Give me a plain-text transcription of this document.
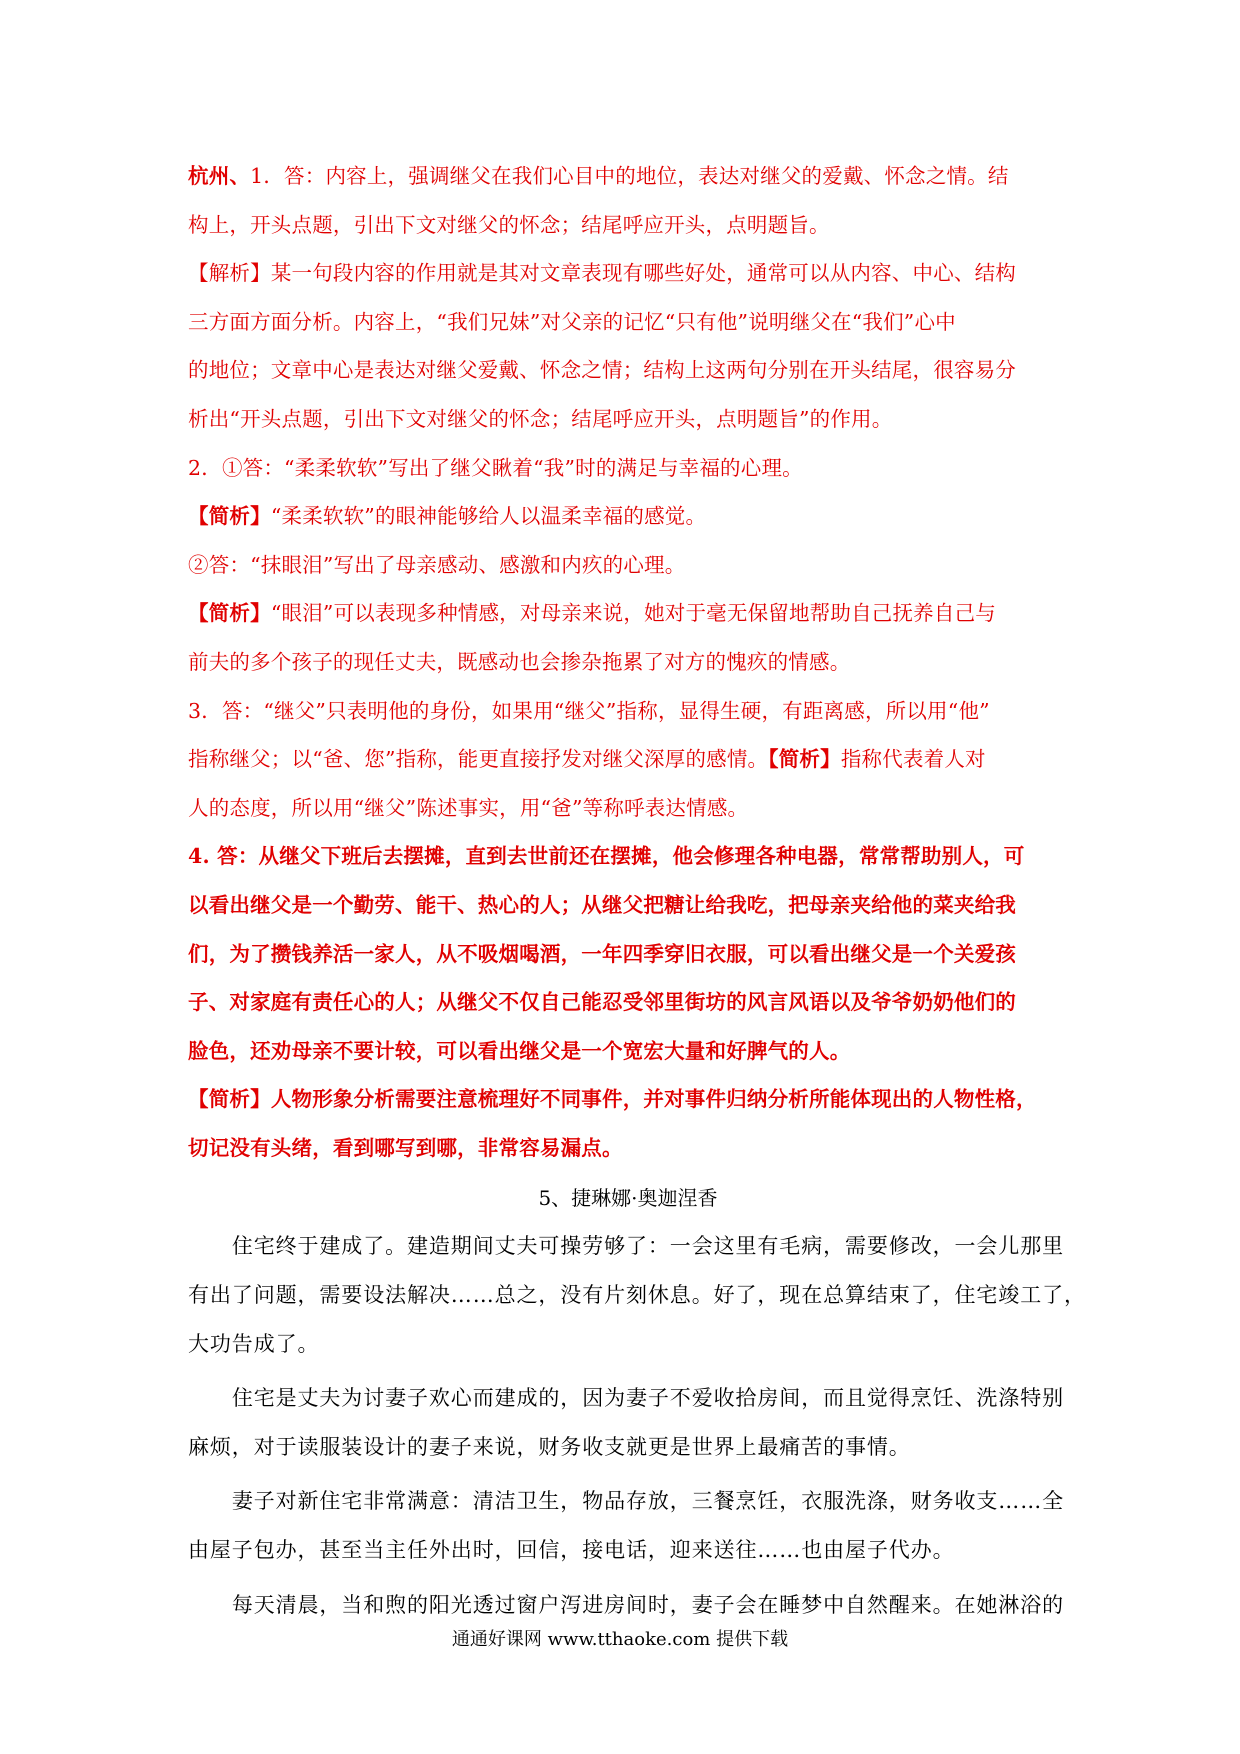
杭州、1．答：内容上，强调继父在我们心目中的地位，表达对继父的爱戴、怀念之情。结
构上，开头点题，引出下文对继父的怀念；结尾呼应开头，点明题旨。
【解析】某一句段内容的作用就是其对文章表现有哪些好处，通常可以从内容、中心、结构
三方面方面分析。内容上，“我们兄妹”对父亲的记忆“只有他”说明继父在“我们”心中
的地位；文章中心是表达对继父爱戴、怀念之情；结构上这两句分别在开头结尾，很容易分
析出“开头点题，引出下文对继父的怀念；结尾呼应开头，点明题旨”的作用。
2．①答：“柔柔软软”写出了继父瞅着“我”时的满足与幸福的心理。
【简析】“柔柔软软”的眼神能够给人以温柔幸福的感觉。
②答：“抹眼泪”写出了母亲感动、感激和内疚的心理。
【简析】“眼泪”可以表现多种情感，对母亲来说，她对于毫无保留地帮助自己抚养自己与
前夫的多个孩子的现任丈夫，既感动也会掺杂拖累了对方的愧疚的情感。
3．答：“继父”只表明他的身份，如果用“继父”指称，显得生硬，有距离感，所以用“他”
指称继父；以“爸、您”指称，能更直接抒发对继父深厚的感情。【简析】指称代表着人对
人的态度，所以用“继父”陈述事实，用“爸”等称呼表达情感。
4. 答：从继父下班后去摆摊，直到去世前还在摆摊，他会修理各种电器，常常帮助别人，可
以看出继父是一个勤劳、能干、热心的人；从继父把糖让给我吃，把母亲夹给他的菜夹给我
们，为了攒钱养活一家人，从不吸烟喝酒，一年四季穿旧衣服，可以看出继父是一个关爱孩
子、对家庭有责任心的人；从继父不仅自己能忍受邻里街坊的风言风语以及爷爷奶奶他们的
脸色，还劝母亲不要计较，可以看出继父是一个宽宏大量和好脾气的人。
【简析】人物形象分析需要注意梳理好不同事件，并对事件归纳分析所能体现出的人物性格，
切记没有头绪，看到哪写到哪，非常容易漏点。
5、捷琳娜·奥迦涅香
　　住宅终于建成了。建造期间丈夫可操劳够了：一会这里有毛病，需要修改，一会儿那里
有出了问题，需要设法解决……总之，没有片刻休息。好了，现在总算结束了，住宅竣工了，
大功告成了。
　　住宅是丈夫为讨妻子欢心而建成的，因为妻子不爱收拾房间，而且觉得烹饪、洗涤特别
麻烦，对于读服装设计的妻子来说，财务收支就更是世界上最痛苦的事情。
　　妻子对新住宅非常满意：清洁卫生，物品存放，三餐烹饪，衣服洗涤，财务收支……全
由屋子包办，甚至当主任外出时，回信，接电话，迎来送往……也由屋子代办。
　　每天清晨，当和煦的阳光透过窗户泻进房间时，妻子会在睡梦中自然醒来。在她淋浴的
通通好课网 www.tthaoke.com 提供下载
